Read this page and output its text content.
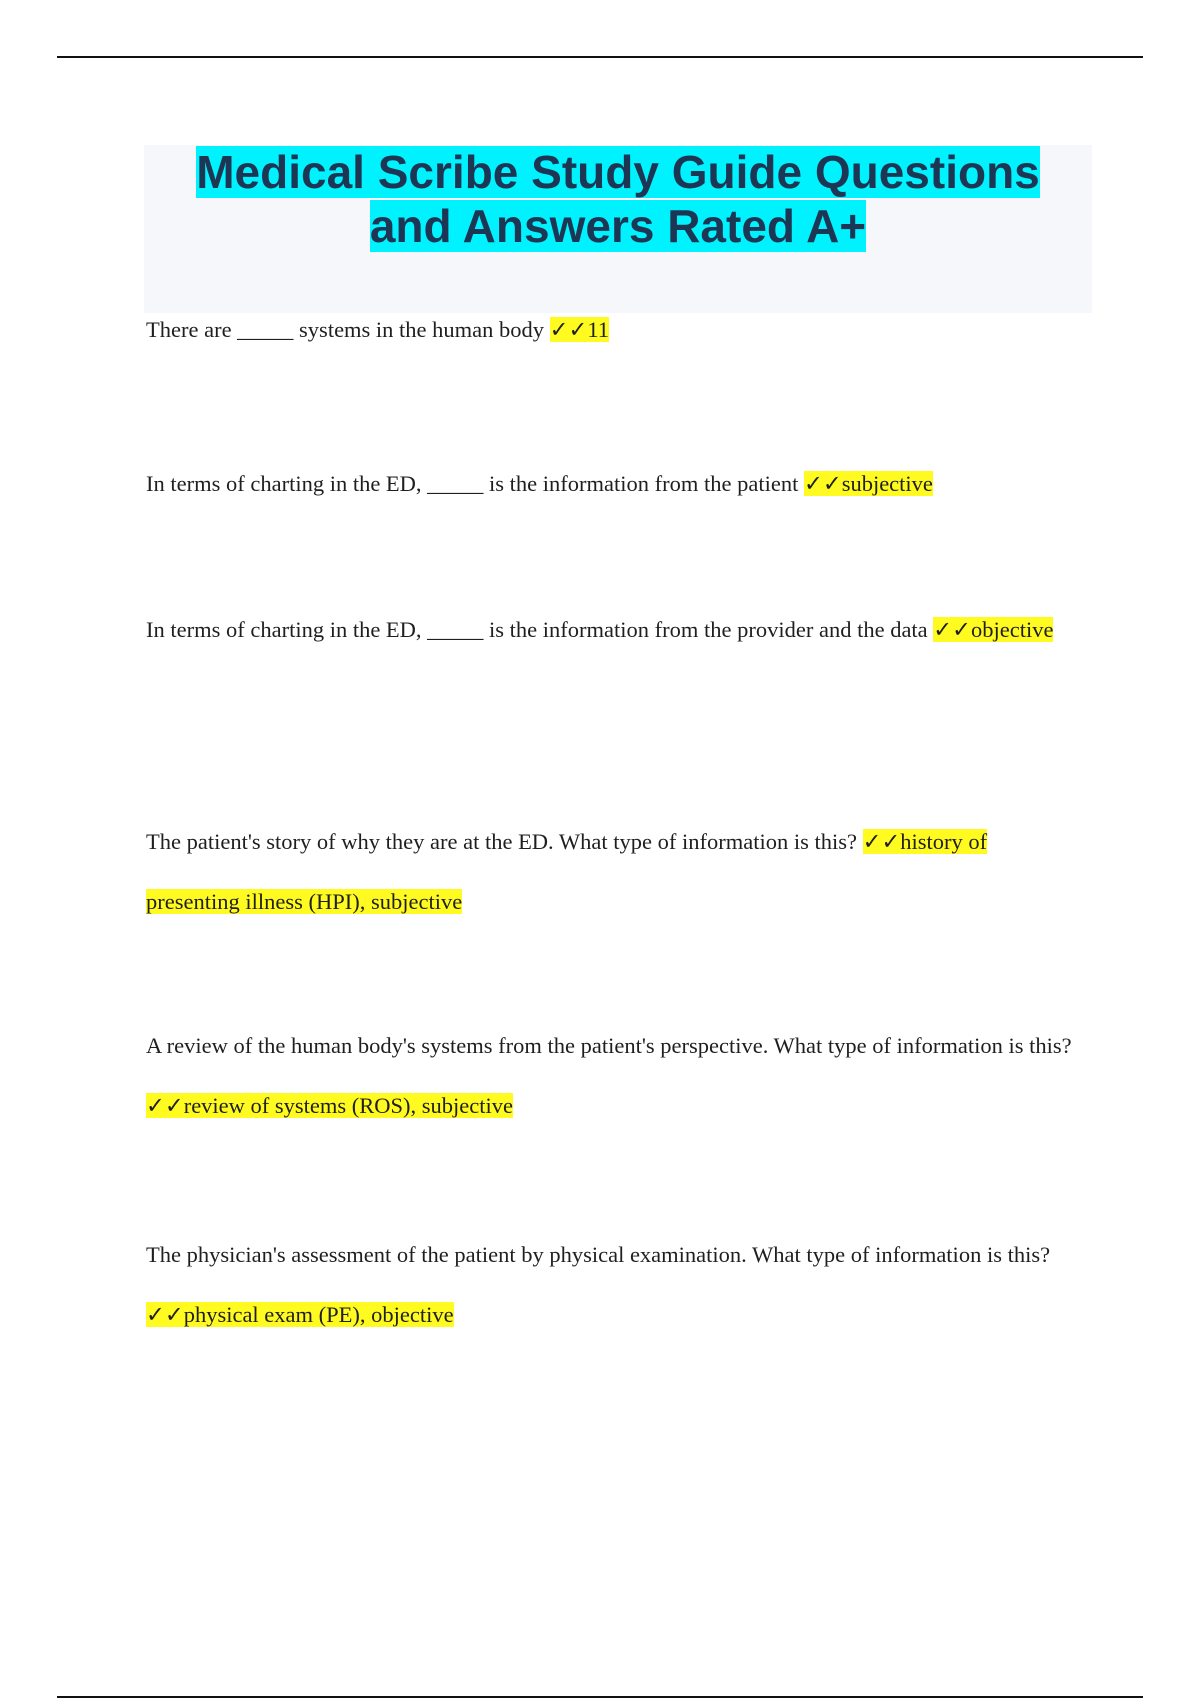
Medical Scribe Study Guide Questions
and Answers Rated A+

There are _____ systems in the human body ✓✓11

In terms of charting in the ED, _____ is the information from the patient ✓✓subjective

In terms of charting in the ED, _____ is the information from the provider and the data ✓✓objective

The patient's story of why they are at the ED. What type of information is this? ✓✓history of presenting illness (HPI), subjective

A review of the human body's systems from the patient's perspective. What type of information is this? ✓✓review of systems (ROS), subjective

The physician's assessment of the patient by physical examination. What type of information is this? ✓✓physical exam (PE), objective
